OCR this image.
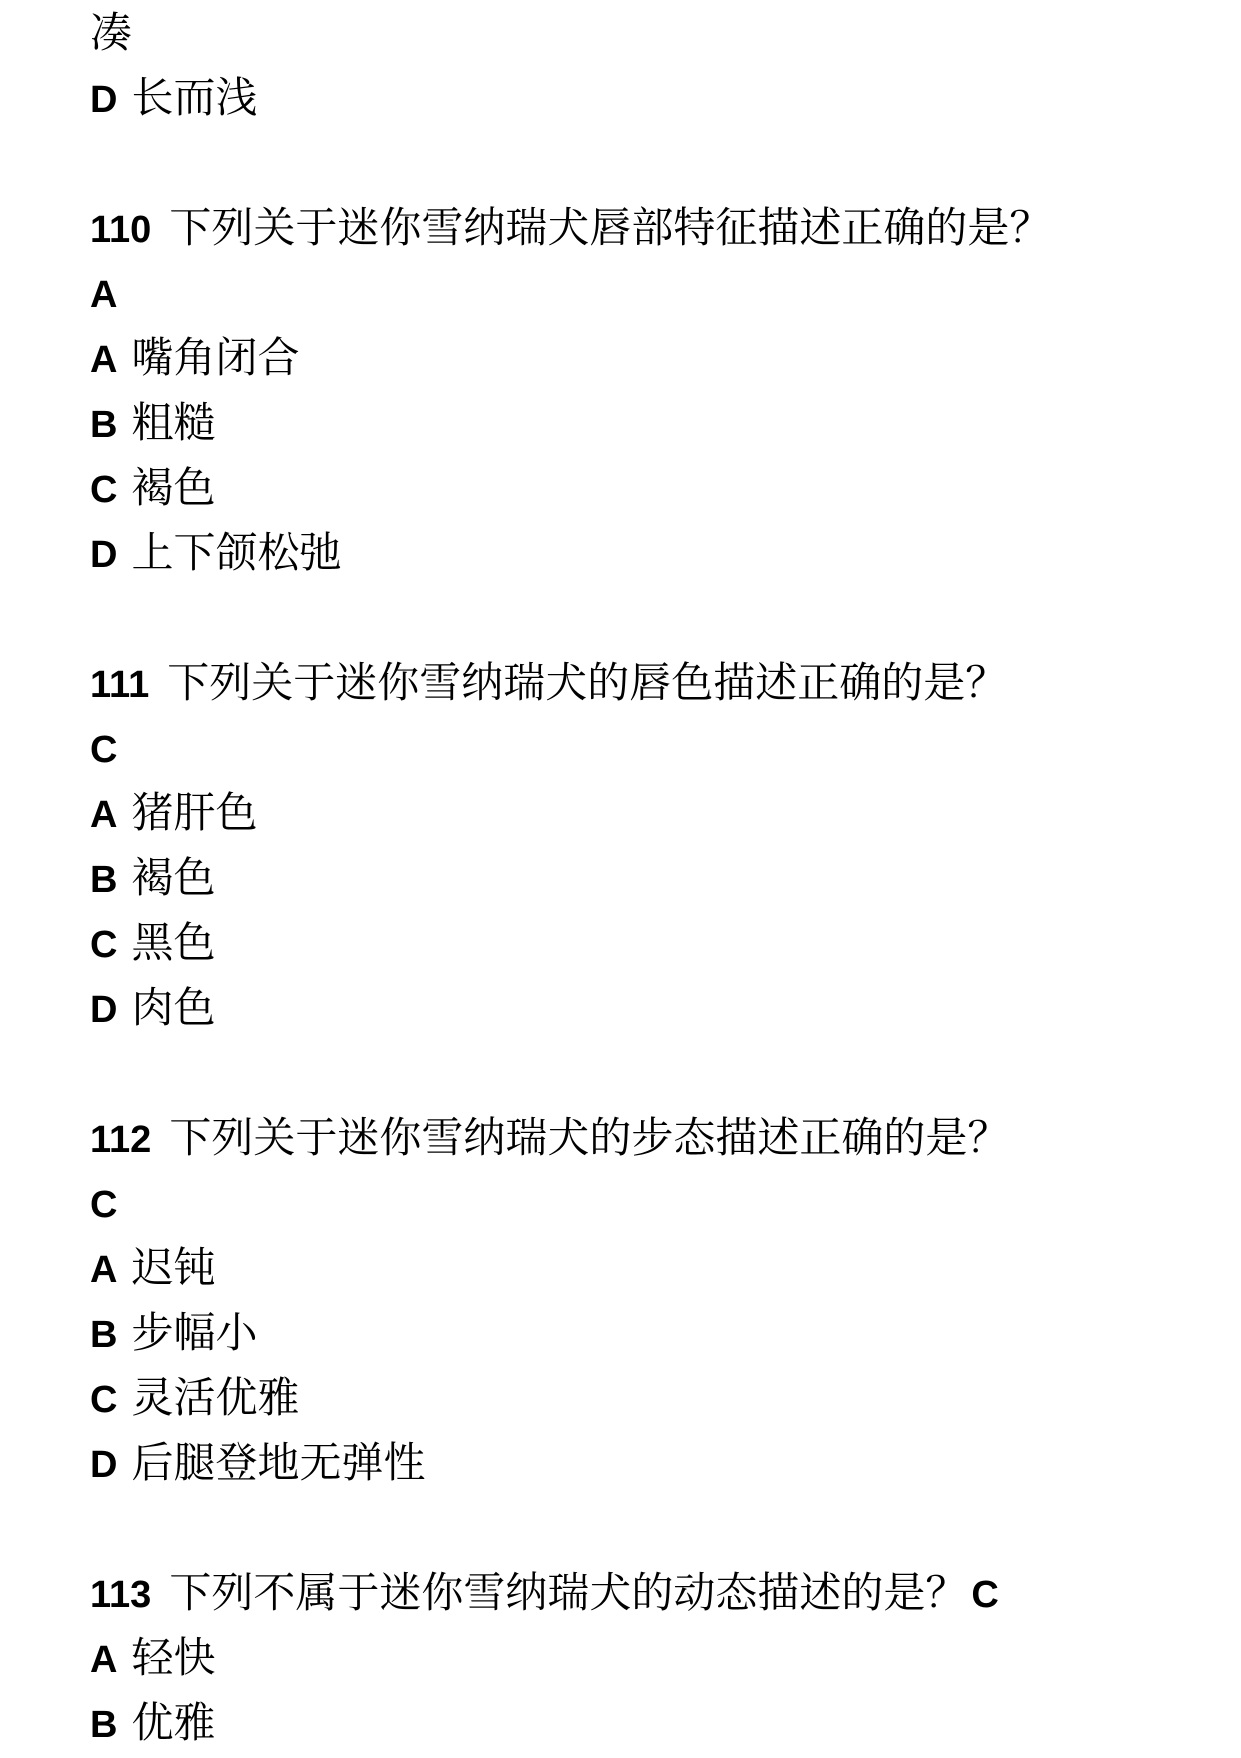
凑
D 长而浅
110 下列关于迷你雪纳瑞犬唇部特征描述正确的是？
A
A 嘴角闭合
B 粗糙
C 褐色
D 上下颌松弛
111 下列关于迷你雪纳瑞犬的唇色描述正确的是？
C
A 猪肝色
B 褐色
C 黑色
D 肉色
112 下列关于迷你雪纳瑞犬的步态描述正确的是？
C
A 迟钝
B 步幅小
C 灵活优雅
D 后腿登地无弹性
113 下列不属于迷你雪纳瑞犬的动态描述的是？ C
A 轻快
B 优雅
